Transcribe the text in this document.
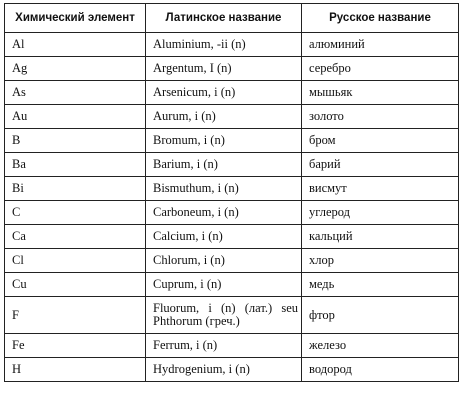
Химический элемент	Латинское название	Русское название
Al	Aluminium, -ii (n)	алюминий
Ag	Argentum, I (n)	серебро
As	Arsenicum, i (n)	мышьяк
Au	Aurum, i (n)	золото
B	Bromum, i (n)	бром
Ba	Barium, i (n)	барий
Bi	Bismuthum, i (n)	висмут
C	Carboneum, i (n)	углерод
Ca	Calcium, i (n)	кальций
Cl	Chlorum, i (n)	хлор
Cu	Cuprum, i (n)	медь
F	Fluorum, i (n) (лат.) seu Phthorum (греч.)	фтор
Fe	Ferrum, i (n)	железо
H	Hydrogenium, i (n)	водород
